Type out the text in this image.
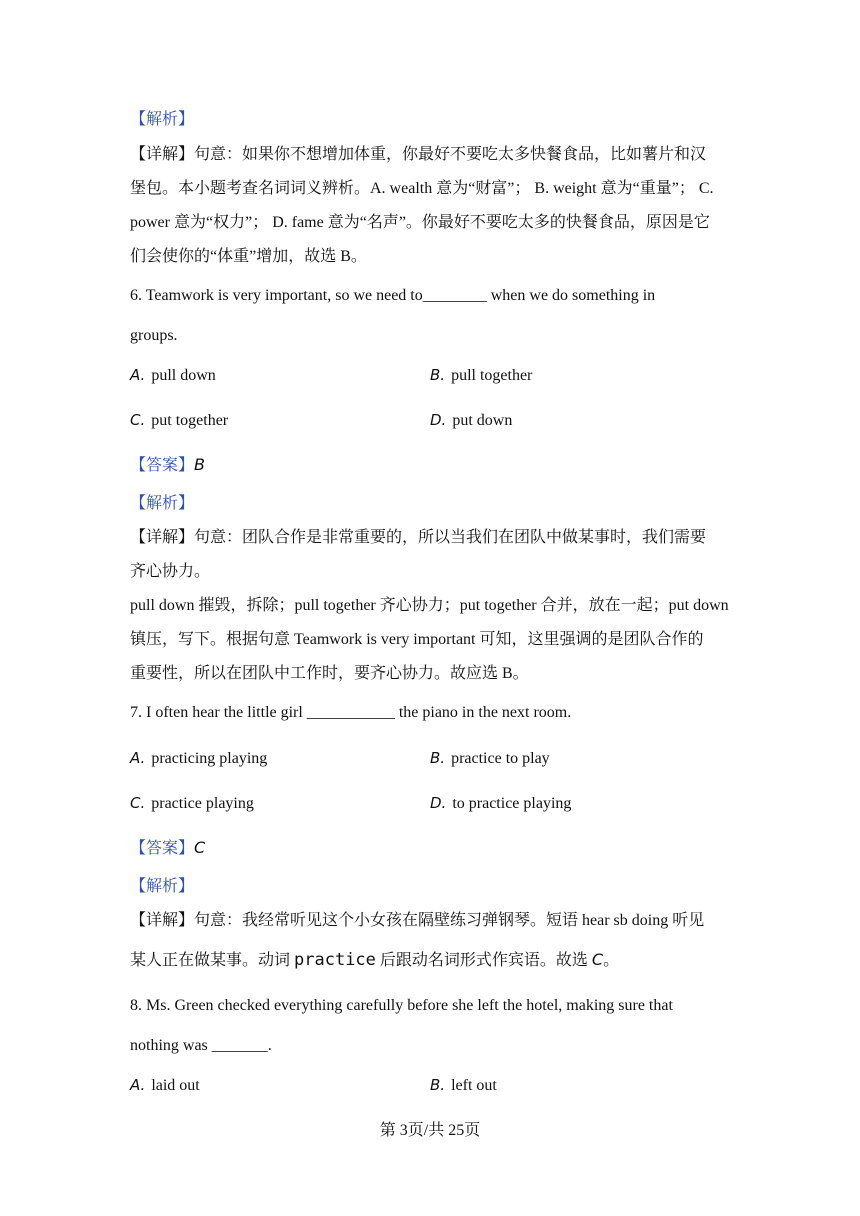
【解析】
【详解】句意：如果你不想增加体重，你最好不要吃太多快餐食品，比如薯片和汉
堡包。本小题考查名词词义辨析。A. wealth 意为“财富”； B. weight 意为“重量”； C.
power 意为“权力”； D. fame 意为“名声”。你最好不要吃太多的快餐食品，原因是它
们会使你的“体重”增加，故选 B。
6. Teamwork is very important, so we need to________ when we do something in
groups.
A. pull down	B. pull together
C. put together	D. put down
【答案】B
【解析】
【详解】句意：团队合作是非常重要的，所以当我们在团队中做某事时，我们需要
齐心协力。
pull down 摧毁，拆除；pull together 齐心协力；put together 合并，放在一起；put down
镇压，写下。根据句意 Teamwork is very important 可知，这里强调的是团队合作的
重要性，所以在团队中工作时，要齐心协力。故应选 B。
7. I often hear the little girl ___________ the piano in the next room.
A. practicing playing	B. practice to play
C. practice playing	D. to practice playing
【答案】C
【解析】
【详解】句意：我经常听见这个小女孩在隔壁练习弹钢琴。短语 hear sb doing 听见
某人正在做某事。动词 practice 后跟动名词形式作宾语。故选 C。
8. Ms. Green checked everything carefully before she left the hotel, making sure that
nothing was _______.
A. laid out	B. left out
第 3页/共 25页
